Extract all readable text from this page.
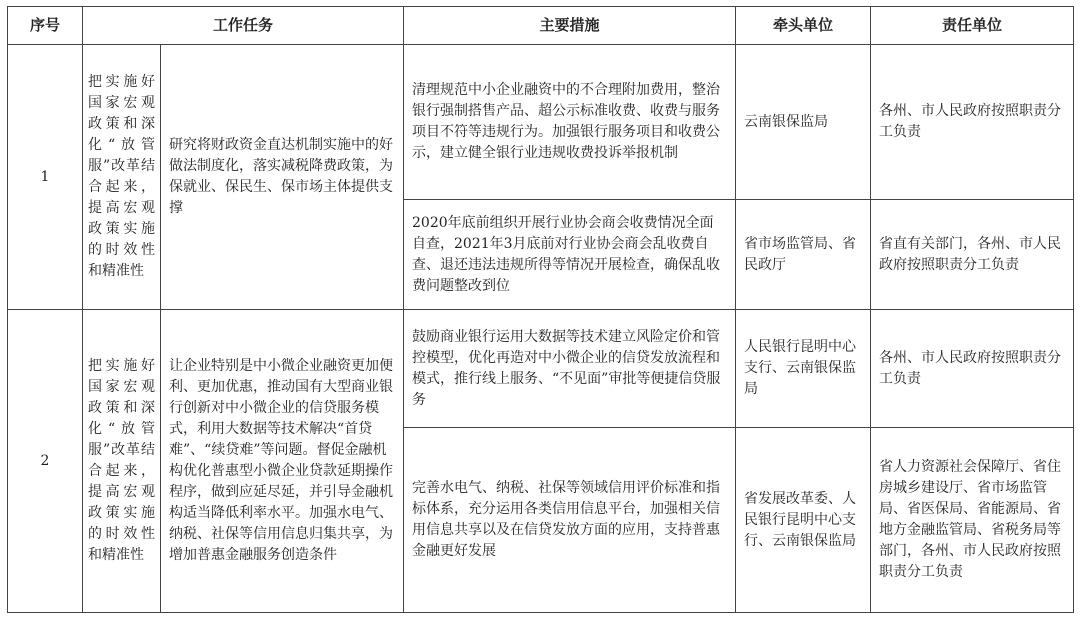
序号	工作任务		主要措施	牵头单位	责任单位
1	把实施好国家宏观政策和深化“放管服”改革结合起来，提高宏观政策实施的时效性和精准性	研究将财政资金直达机制实施中的好做法制度化，落实减税降费政策，为保就业、保民生、保市场主体提供支撑	清理规范中小企业融资中的不合理附加费用，整治银行强制搭售产品、超公示标准收费、收费与服务项目不符等违规行为。加强银行服务项目和收费公示，建立健全银行业违规收费投诉举报机制	云南银保监局	各州、市人民政府按照职责分工负责
			2020年底前组织开展行业协会商会收费情况全面自查，2021年3月底前对行业协会商会乱收费自查、退还违法违规所得等情况开展检查，确保乱收费问题整改到位	省市场监管局、省民政厅	省直有关部门，各州、市人民政府按照职责分工负责
2	把实施好国家宏观政策和深化“放管服”改革结合起来，提高宏观政策实施的时效性和精准性	让企业特别是中小微企业融资更加便利、更加优惠，推动国有大型商业银行创新对中小微企业的信贷服务模式，利用大数据等技术解决“首贷难”、“续贷难”等问题。督促金融机构优化普惠型小微企业贷款延期操作程序，做到应延尽延，并引导金融机构适当降低利率水平。加强水电气、纳税、社保等信用信息归集共享，为增加普惠金融服务创造条件	鼓励商业银行运用大数据等技术建立风险定价和管控模型，优化再造对中小微企业的信贷发放流程和模式，推行线上服务、“不见面”审批等便捷信贷服务	人民银行昆明中心支行、云南银保监局	各州、市人民政府按照职责分工负责
			完善水电气、纳税、社保等领域信用评价标准和指标体系，充分运用各类信用信息平台，加强相关信用信息共享以及在信贷发放方面的应用，支持普惠金融更好发展	省发展改革委、人民银行昆明中心支行、云南银保监局	省人力资源社会保障厅、省住房城乡建设厅、省市场监管局、省医保局、省能源局、省地方金融监管局、省税务局等部门，各州、市人民政府按照职责分工负责
